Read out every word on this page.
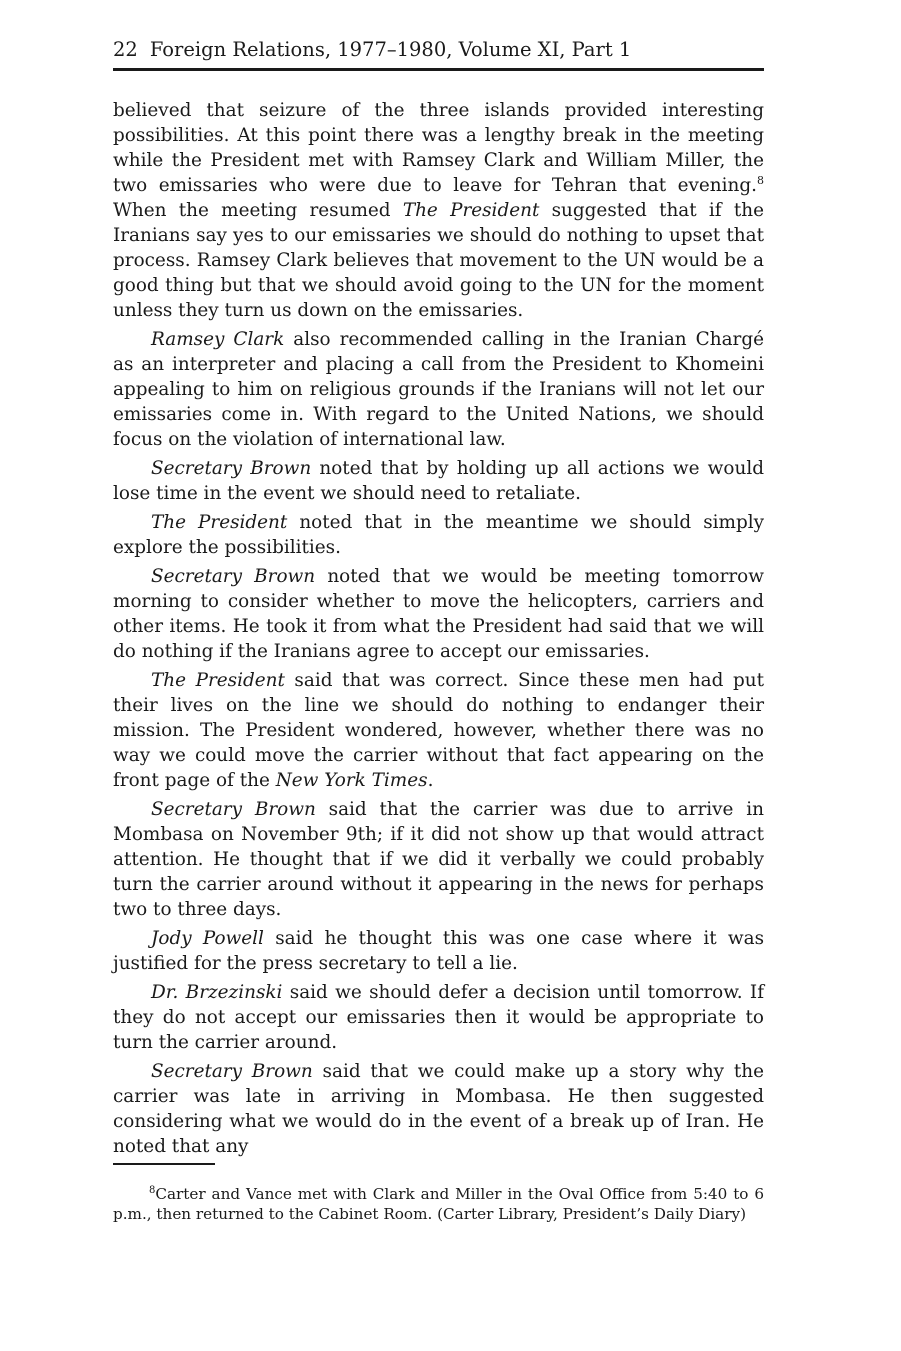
22 Foreign Relations, 1977–1980, Volume XI, Part 1

believed that seizure of the three islands provided interesting possibilities. At this point there was a lengthy break in the meeting while the President met with Ramsey Clark and William Miller, the two emissaries who were due to leave for Tehran that evening.$^8$ When the meeting resumed The President suggested that if the Iranians say yes to our emissaries we should do nothing to upset that process. Ramsey Clark believes that movement to the UN would be a good thing but that we should avoid going to the UN for the moment unless they turn us down on the emissaries.

Ramsey Clark also recommended calling in the Iranian Chargé as an interpreter and placing a call from the President to Khomeini appealing to him on religious grounds if the Iranians will not let our emissaries come in. With regard to the United Nations, we should focus on the violation of international law.

Secretary Brown noted that by holding up all actions we would lose time in the event we should need to retaliate.

The President noted that in the meantime we should simply explore the possibilities.

Secretary Brown noted that we would be meeting tomorrow morning to consider whether to move the helicopters, carriers and other items. He took it from what the President had said that we will do nothing if the Iranians agree to accept our emissaries.

The President said that was correct. Since these men had put their lives on the line we should do nothing to endanger their mission. The President wondered, however, whether there was no way we could move the carrier without that fact appearing on the front page of the New York Times.

Secretary Brown said that the carrier was due to arrive in Mombasa on November 9th; if it did not show up that would attract attention. He thought that if we did it verbally we could probably turn the carrier around without it appearing in the news for perhaps two to three days.

Jody Powell said he thought this was one case where it was justified for the press secretary to tell a lie.

Dr. Brzezinski said we should defer a decision until tomorrow. If they do not accept our emissaries then it would be appropriate to turn the carrier around.

Secretary Brown said that we could make up a story why the carrier was late in arriving in Mombasa. He then suggested considering what we would do in the event of a break up of Iran. He noted that any

$^8$Carter and Vance met with Clark and Miller in the Oval Office from 5:40 to 6 p.m., then returned to the Cabinet Room. (Carter Library, President’s Daily Diary)
